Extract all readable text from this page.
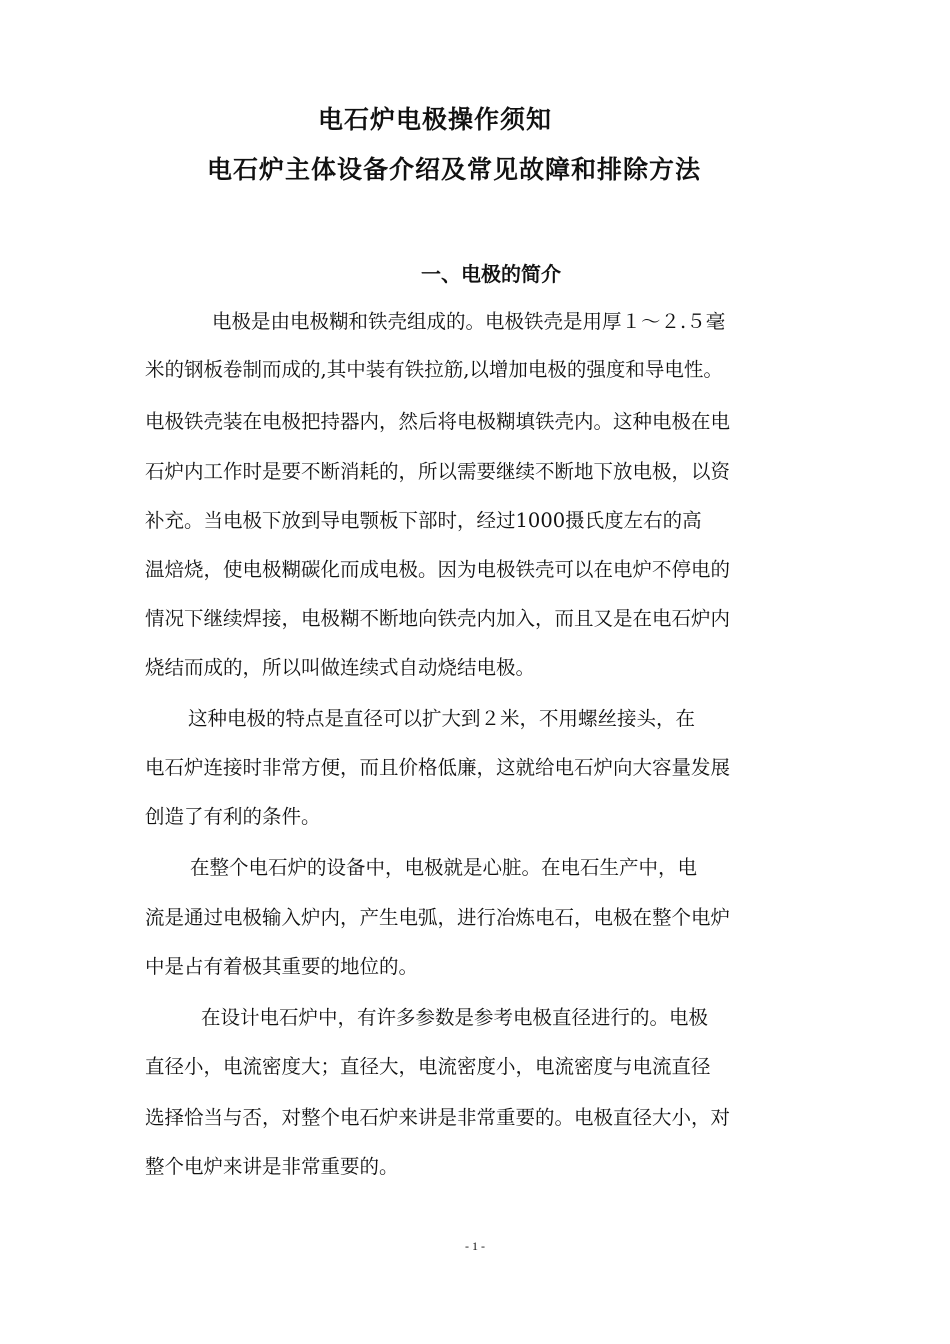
电石炉电极操作须知
电石炉主体设备介绍及常见故障和排除方法
一、电极的简介
电极是由电极糊和铁壳组成的。电极铁壳是用厚１～２.５毫
米的钢板卷制而成的,其中装有铁拉筋,以增加电极的强度和导电性。
电极铁壳装在电极把持器内，然后将电极糊填铁壳内。这种电极在电
石炉内工作时是要不断消耗的，所以需要继续不断地下放电极，以资
补充。当电极下放到导电颚板下部时，经过1000摄氏度左右的高
温焙烧，使电极糊碳化而成电极。因为电极铁壳可以在电炉不停电的
情况下继续焊接，电极糊不断地向铁壳内加入，而且又是在电石炉内
烧结而成的，所以叫做连续式自动烧结电极。
这种电极的特点是直径可以扩大到２米，不用螺丝接头，在
电石炉连接时非常方便，而且价格低廉，这就给电石炉向大容量发展
创造了有利的条件。
在整个电石炉的设备中，电极就是心脏。在电石生产中，电
流是通过电极输入炉内，产生电弧，进行冶炼电石，电极在整个电炉
中是占有着极其重要的地位的。
在设计电石炉中，有许多参数是参考电极直径进行的。电极
直径小，电流密度大；直径大，电流密度小，电流密度与电流直径
选择恰当与否，对整个电石炉来讲是非常重要的。电极直径大小，对
整个电炉来讲是非常重要的。
- 1 -
